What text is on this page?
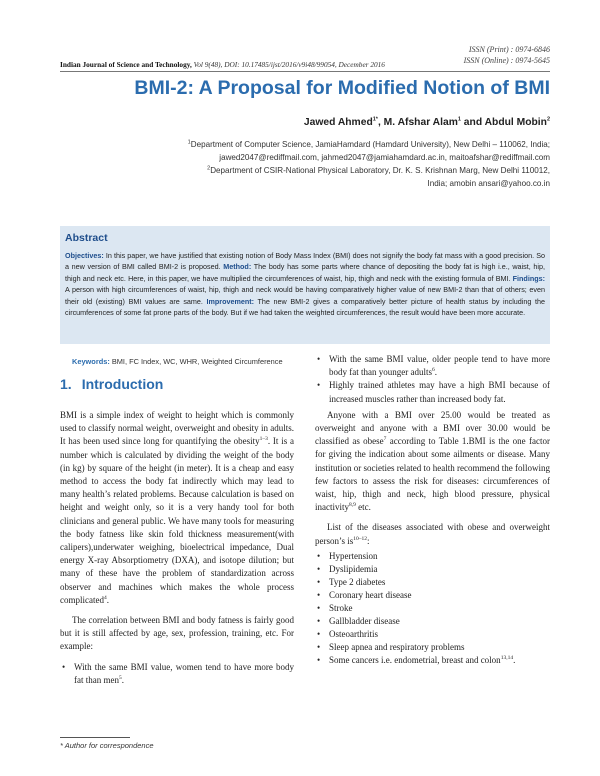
ISSN (Print) : 0974-6846
ISSN (Online) : 0974-5645
Indian Journal of Science and Technology, Vol 9(48), DOI: 10.17485/ijst/2016/v9i48/99054, December 2016
BMI-2: A Proposal for Modified Notion of BMI
Jawed Ahmed$^{1*}$, M. Afshar Alam$^1$ and Abdul Mobin$^2$
$^1$Department of Computer Science, JamiaHamdard (Hamdard University), New Delhi – 110062, India;
jawed2047@rediffmail.com, jahmed2047@jamiahamdard.ac.in, maitoafshar@rediffmail.com
$^2$Department of CSIR-National Physical Laboratory, Dr. K. S. Krishnan Marg, New Delhi 110012,
India; amobin ansari@yahoo.co.in
Abstract
Objectives: In this paper, we have justified that existing notion of Body Mass Index (BMI) does not signify the body fat mass with a good precision. So a new version of BMI called BMI-2 is proposed. Method: The body has some parts where chance of depositing the body fat is high i.e., waist, hip, thigh and neck etc. Here, in this paper, we have multiplied the circumferences of waist, hip, thigh and neck with the existing formula of BMI. Findings: A person with high circumferences of waist, hip, thigh and neck would be having comparatively higher value of new BMI-2 than that of others; even their old (existing) BMI values are same. Improvement: The new BMI-2 gives a comparatively better picture of health status by including the circumferences of some fat prone parts of the body. But if we had taken the weighted circumferences, the result would have been more accurate.
Keywords: BMI, FC Index, WC, WHR, Weighted Circumference
1. Introduction

BMI is a simple index of weight to height which is commonly used to classify normal weight, overweight and obesity in adults. It has been used since long for quantifying the obesity$^{1-3}$. It is a number which is calculated by dividing the weight of the body (in kg) by square of the height (in meter). It is a cheap and easy method to access the body fat indirectly which may lead to many health’s related problems. Because calculation is based on height and weight only, so it is a very handy tool for both clinicians and general public. We have many tools for measuring the body fatness like skin fold thickness measurement(with calipers),underwater weighing, bioelectrical impedance, Dual energy X-ray Absorptiometry (DXA), and isotope dilution; but many of these have the problem of standardization across observer and machines which makes the whole process complicated$^4$.

The correlation between BMI and body fatness is fairly good but it is still affected by age, sex, profession, training, etc. For example:

• With the same BMI value, women tend to have more body fat than men$^5$.
• With the same BMI value, older people tend to have more body fat than younger adults$^6$.
• Highly trained athletes may have a high BMI because of increased muscles rather than increased body fat.

Anyone with a BMI over 25.00 would be treated as overweight and anyone with a BMI over 30.00 would be classified as obese$^7$ according to Table 1.BMI is the one factor for giving the indication about some ailments or disease. Many institution or societies related to health recommend the following few factors to assess the risk for diseases: circumferences of waist, hip, thigh and neck, high blood pressure, physical inactivity$^{8,9}$ etc.

List of the diseases associated with obese and overweight person’s $is^{10-12}$:

• Hypertension
• Dyslipidemia
• Type 2 diabetes
• Coronary heart disease
• Stroke
• Gallbladder disease
• Osteoarthritis
• Sleep apnea and respiratory problems
• Some cancers i.e. endometrial, breast and colon$^{13,14}$.
* Author for correspondence
